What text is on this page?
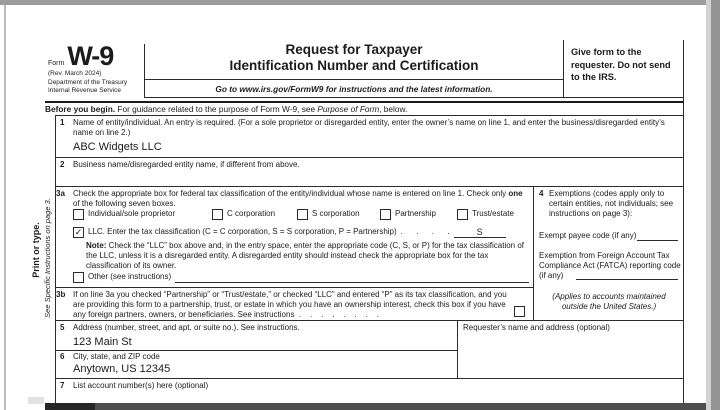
Form W-9
(Rev. March 2024)
Department of the Treasury
Internal Revenue Service
Request for Taxpayer
Identification Number and Certification
Go to www.irs.gov/FormW9 for instructions and the latest information.
Give form to the requester. Do not send to the IRS.
Before you begin. For guidance related to the purpose of Form W-9, see Purpose of Form, below.
Print or type. See Specific Instructions on page 3.
1 Name of entity/individual. An entry is required. (For a sole proprietor or disregarded entity, enter the owner’s name on line 1, and enter the business/disregarded entity’s name on line 2.)
ABC Widgets LLC
2 Business name/disregarded entity name, if different from above.
3a Check the appropriate box for federal tax classification of the entity/individual whose name is entered on line 1. Check only one of the following seven boxes.
Individual/sole proprietor	C corporation	S corporation	Partnership	Trust/estate
✓ LLC. Enter the tax classification (C = C corporation, S = S corporation, P = Partnership) .      .      .      .	S
Note: Check the “LLC” box above and, in the entry space, enter the appropriate code (C, S, or P) for the tax classification of the LLC, unless it is a disregarded entity. A disregarded entity should instead check the appropriate box for the tax classification of its owner.
Other (see instructions)
3b If on line 3a you checked “Partnership” or “Trust/estate,” or checked “LLC” and entered “P” as its tax classification, and you are providing this form to a partnership, trust, or estate in which you have an ownership interest, check this box if you have any foreign partners, owners, or beneficiaries. See instructions  .    .    .    .    .    .    .    .
4 Exemptions (codes apply only to certain entities, not individuals; see instructions on page 3):
Exempt payee code (if any)
Exemption from Foreign Account Tax Compliance Act (FATCA) reporting code (if any)
(Applies to accounts maintained outside the United States.)
5 Address (number, street, and apt. or suite no.). See instructions.
123 Main St
Requester’s name and address (optional)
6 City, state, and ZIP code
Anytown, US 12345
7 List account number(s) here (optional)
